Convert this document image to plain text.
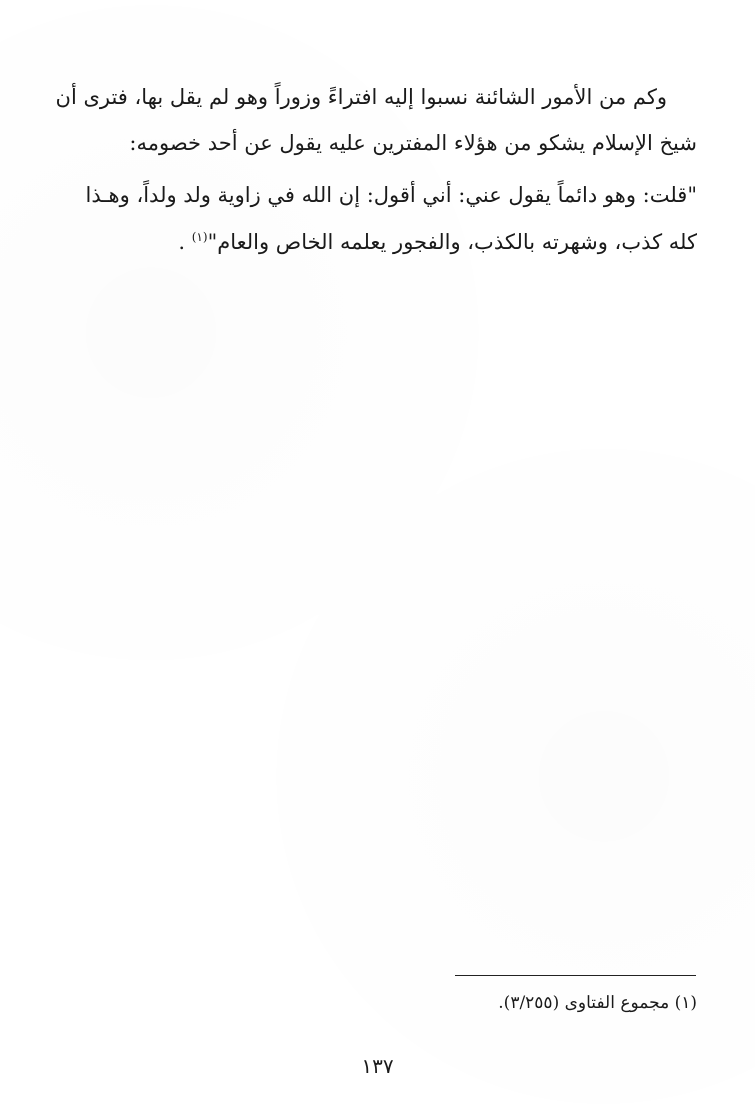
وكم من الأمور الشائنة نسبوا إليه افتراءً وزوراً وهو لم يقل بها، فترى أن
شيخ الإسلام يشكو من هؤلاء المفترين عليه يقول عن أحد خصومه:
"قلت: وهو دائماً يقول عني: أني أقول: إن الله في زاوية ولد ولداً، وهـذا
كله كذب، وشهرته بالكذب، والفجور يعلمه الخاص والعام"$^{(١)}$ .
(١) مجموع الفتاوى (٣/٢٥٥).
١٣٧
